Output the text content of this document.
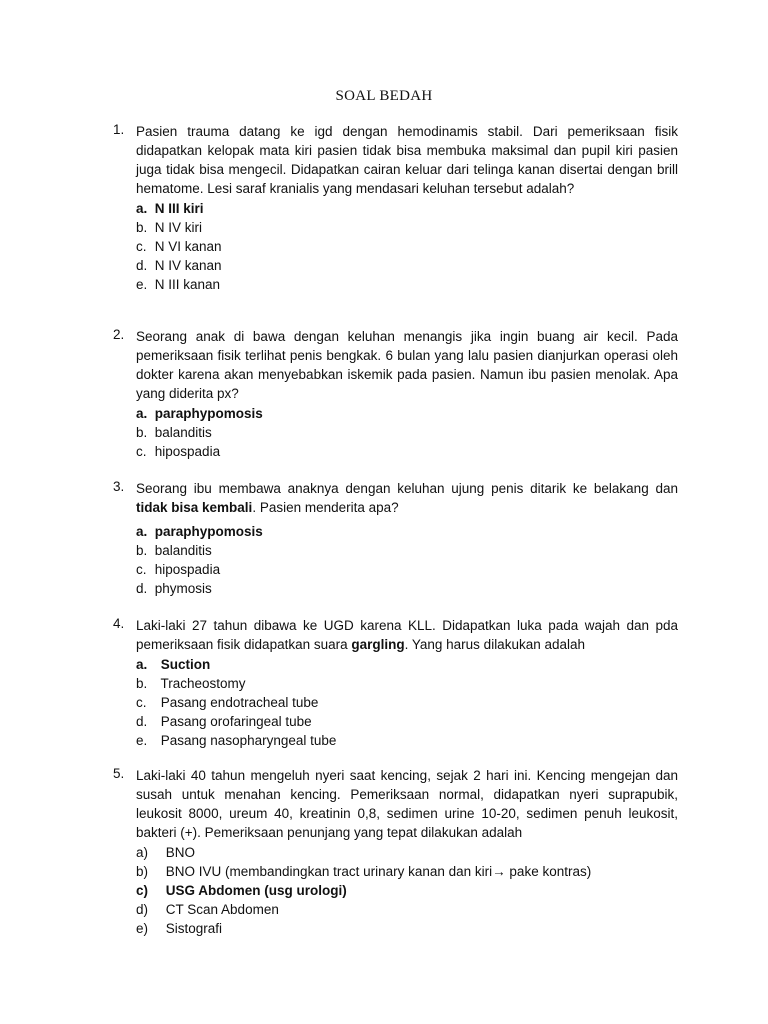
SOAL BEDAH
1. Pasien trauma datang ke igd dengan hemodinamis stabil. Dari pemeriksaan fisik didapatkan kelopak mata kiri pasien tidak bisa membuka maksimal dan pupil kiri pasien juga tidak bisa mengecil. Didapatkan cairan keluar dari telinga kanan disertai dengan brill hematome. Lesi saraf kranialis yang mendasari keluhan tersebut adalah?
a. N III kiri
b. N IV kiri
c. N VI kanan
d. N IV kanan
e. N III kanan
2. Seorang anak di bawa dengan keluhan menangis jika ingin buang air kecil. Pada pemeriksaan fisik terlihat penis bengkak. 6 bulan yang lalu pasien dianjurkan operasi oleh dokter karena akan menyebabkan iskemik pada pasien. Namun ibu pasien menolak. Apa yang diderita px?
a. paraphypomosis
b. balanditis
c. hipospadia
3. Seorang ibu membawa anaknya dengan keluhan ujung penis ditarik ke belakang dan tidak bisa kembali. Pasien menderita apa?
a. paraphypomosis
b. balanditis
c. hipospadia
d. phymosis
4. Laki-laki 27 tahun dibawa ke UGD karena KLL. Didapatkan luka pada wajah dan pda pemeriksaan fisik didapatkan suara gargling. Yang harus dilakukan adalah
a. Suction
b. Tracheostomy
c. Pasang endotracheal tube
d. Pasang orofaringeal tube
e. Pasang nasopharyngeal tube
5. Laki-laki 40 tahun mengeluh nyeri saat kencing, sejak 2 hari ini. Kencing mengejan dan susah untuk menahan kencing. Pemeriksaan normal, didapatkan nyeri suprapubik, leukosit 8000, ureum 40, kreatinin 0,8, sedimen urine 10-20, sedimen penuh leukosit, bakteri (+). Pemeriksaan penunjang yang tepat dilakukan adalah
a) BNO
b) BNO IVU (membandingkan tract urinary kanan dan kiri→ pake kontras)
c) USG Abdomen (usg urologi)
d) CT Scan Abdomen
e) Sistografi
